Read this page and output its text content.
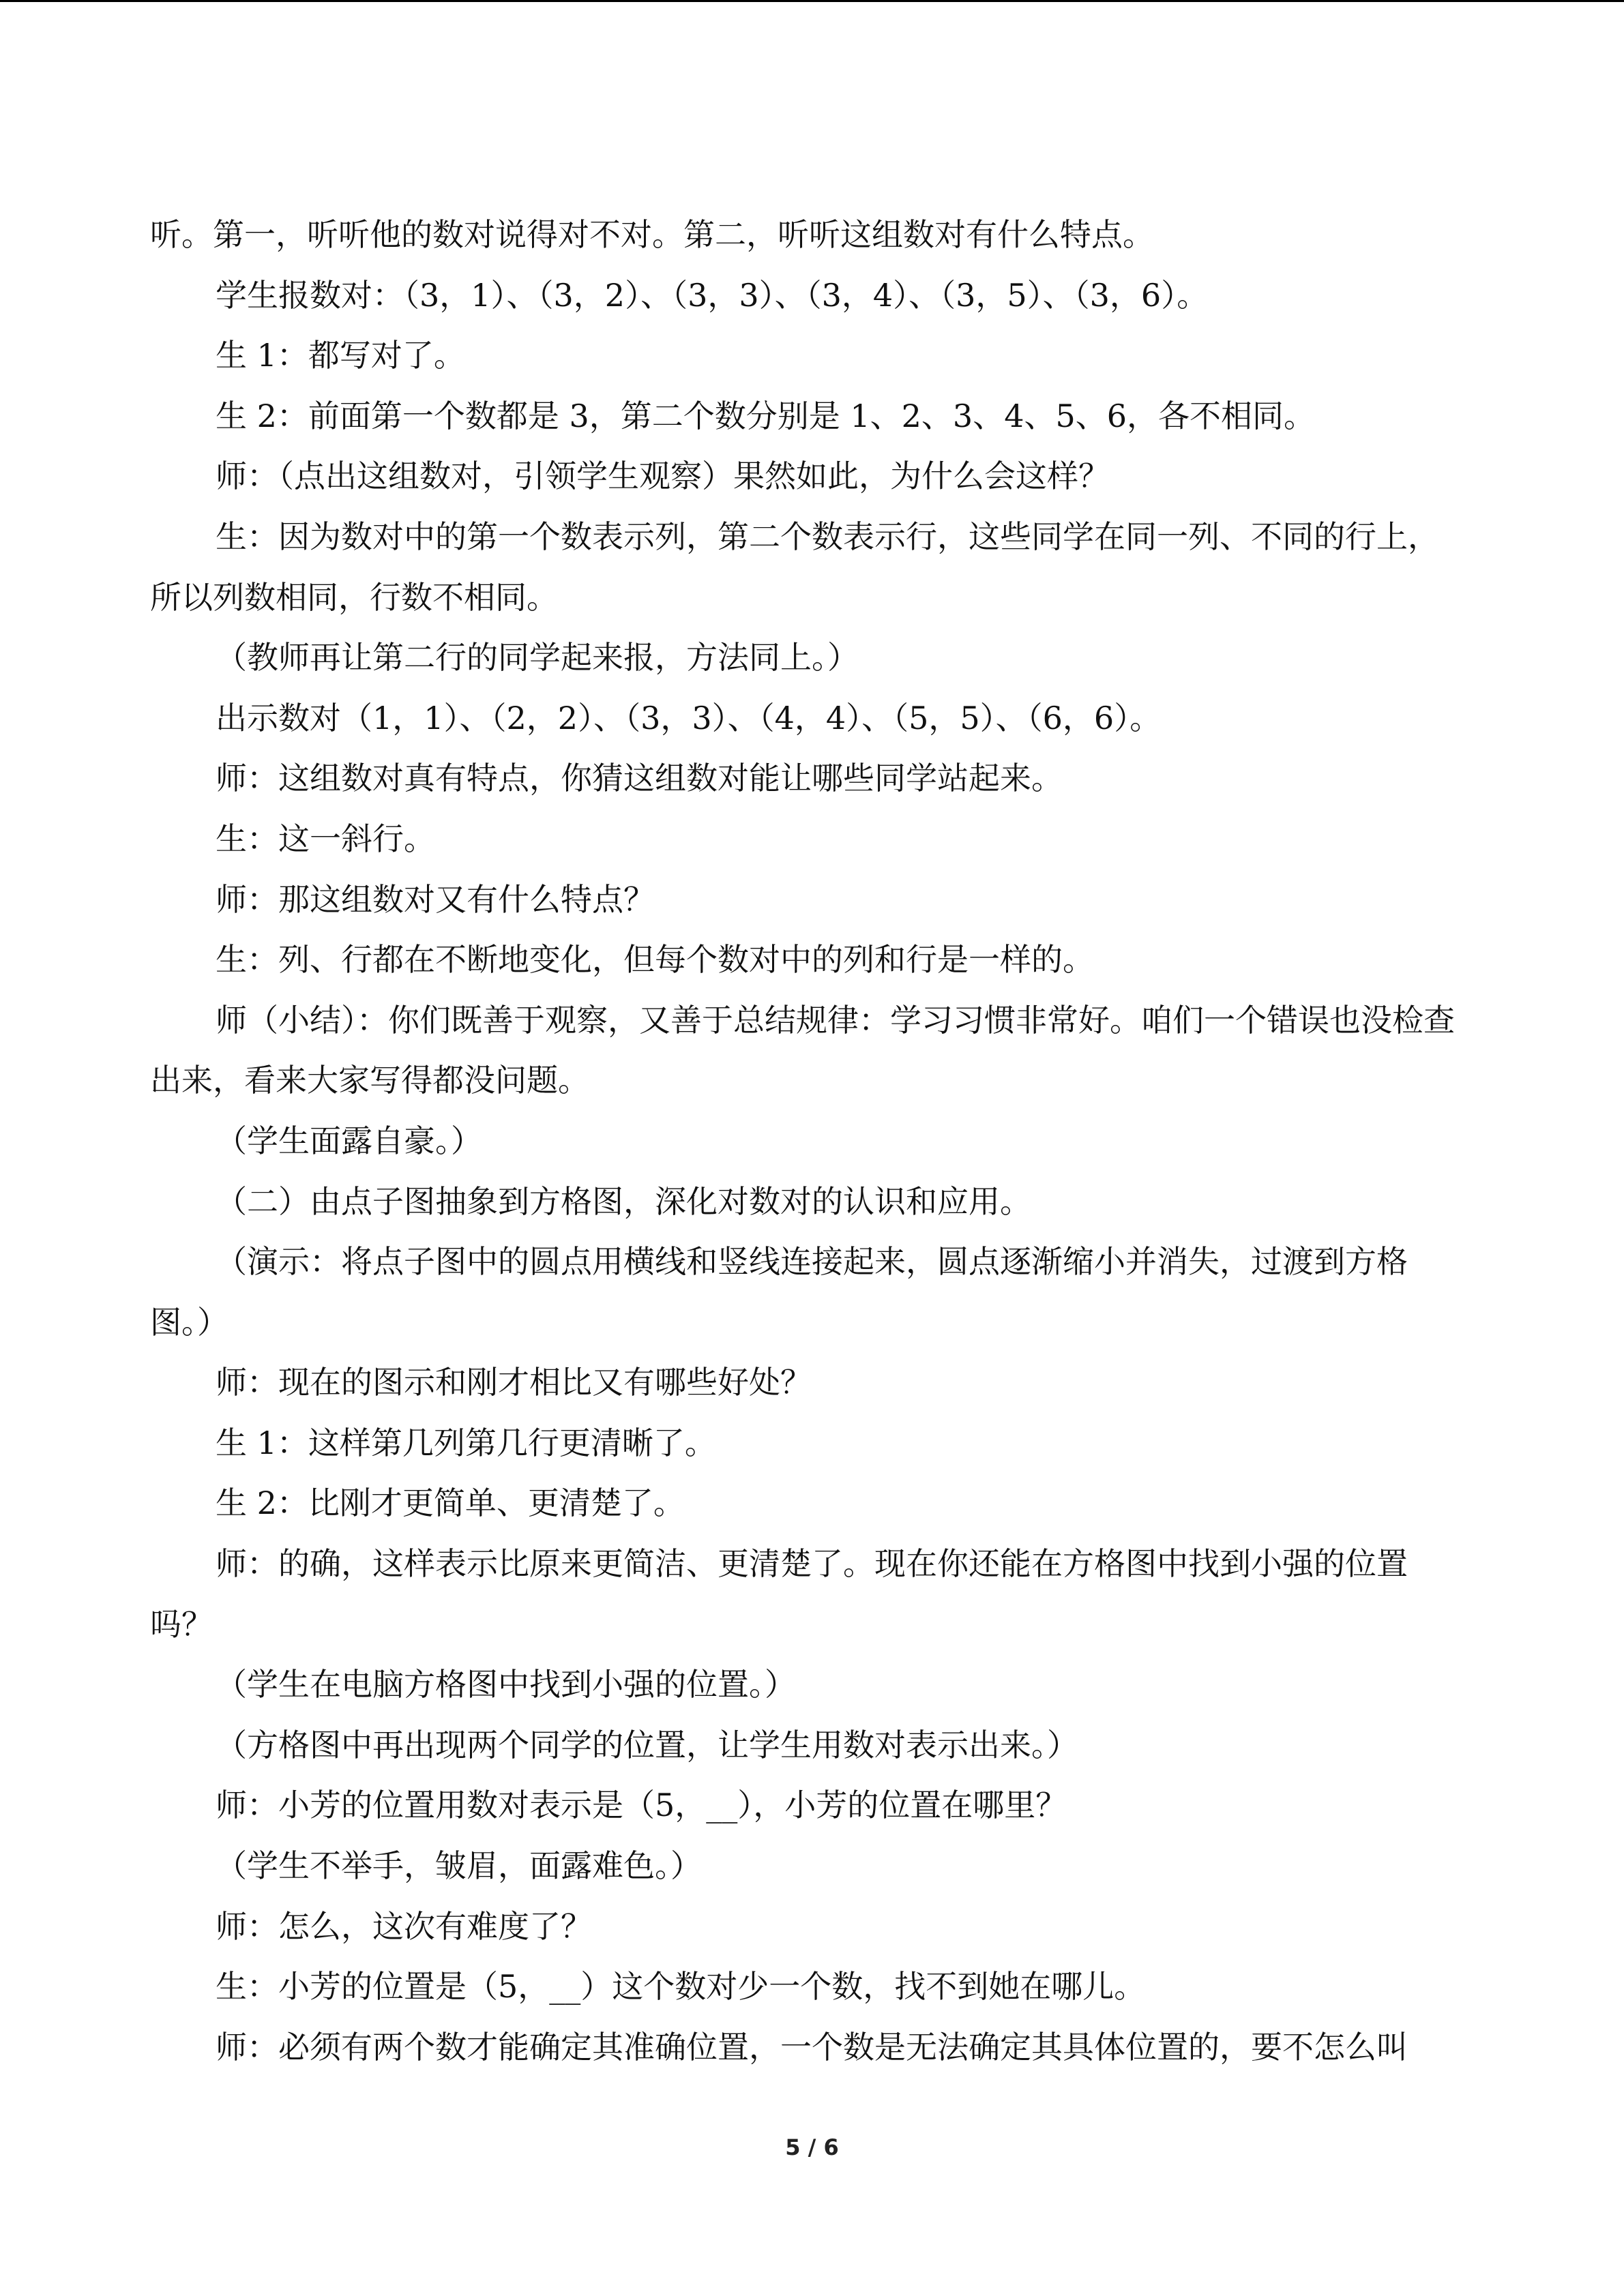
听。第一，听听他的数对说得对不对。第二，听听这组数对有什么特点。

学生报数对：（3，1）、（3，2）、（3，3）、（3，4）、（3，5）、（3，6）。

生 1：都写对了。

生 2：前面第一个数都是 3，第二个数分别是 1、2、3、4、5、6，各不相同。

师：（点出这组数对，引领学生观察）果然如此，为什么会这样？

生：因为数对中的第一个数表示列，第二个数表示行，这些同学在同一列、不同的行上，所以列数相同，行数不相同。

（教师再让第二行的同学起来报，方法同上。）

出示数对（1，1）、（2，2）、（3，3）、（4，4）、（5，5）、（6，6）。

师：这组数对真有特点，你猜这组数对能让哪些同学站起来。

生：这一斜行。

师：那这组数对又有什么特点？

生：列、行都在不断地变化，但每个数对中的列和行是一样的。

师（小结）：你们既善于观察，又善于总结规律：学习习惯非常好。咱们一个错误也没检查出来，看来大家写得都没问题。

（学生面露自豪。）

（二）由点子图抽象到方格图，深化对数对的认识和应用。

（演示：将点子图中的圆点用横线和竖线连接起来，圆点逐渐缩小并消失，过渡到方格图。）

师：现在的图示和刚才相比又有哪些好处？

生 1：这样第几列第几行更清晰了。

生 2：比刚才更简单、更清楚了。

师：的确，这样表示比原来更简洁、更清楚了。现在你还能在方格图中找到小强的位置吗？

（学生在电脑方格图中找到小强的位置。）

（方格图中再出现两个同学的位置，让学生用数对表示出来。）

师：小芳的位置用数对表示是（5，__），小芳的位置在哪里？

（学生不举手，皱眉，面露难色。）

师：怎么，这次有难度了？

生：小芳的位置是（5，__）这个数对少一个数，找不到她在哪儿。

师：必须有两个数才能确定其准确位置，一个数是无法确定其具体位置的，要不怎么叫

5 / 6
